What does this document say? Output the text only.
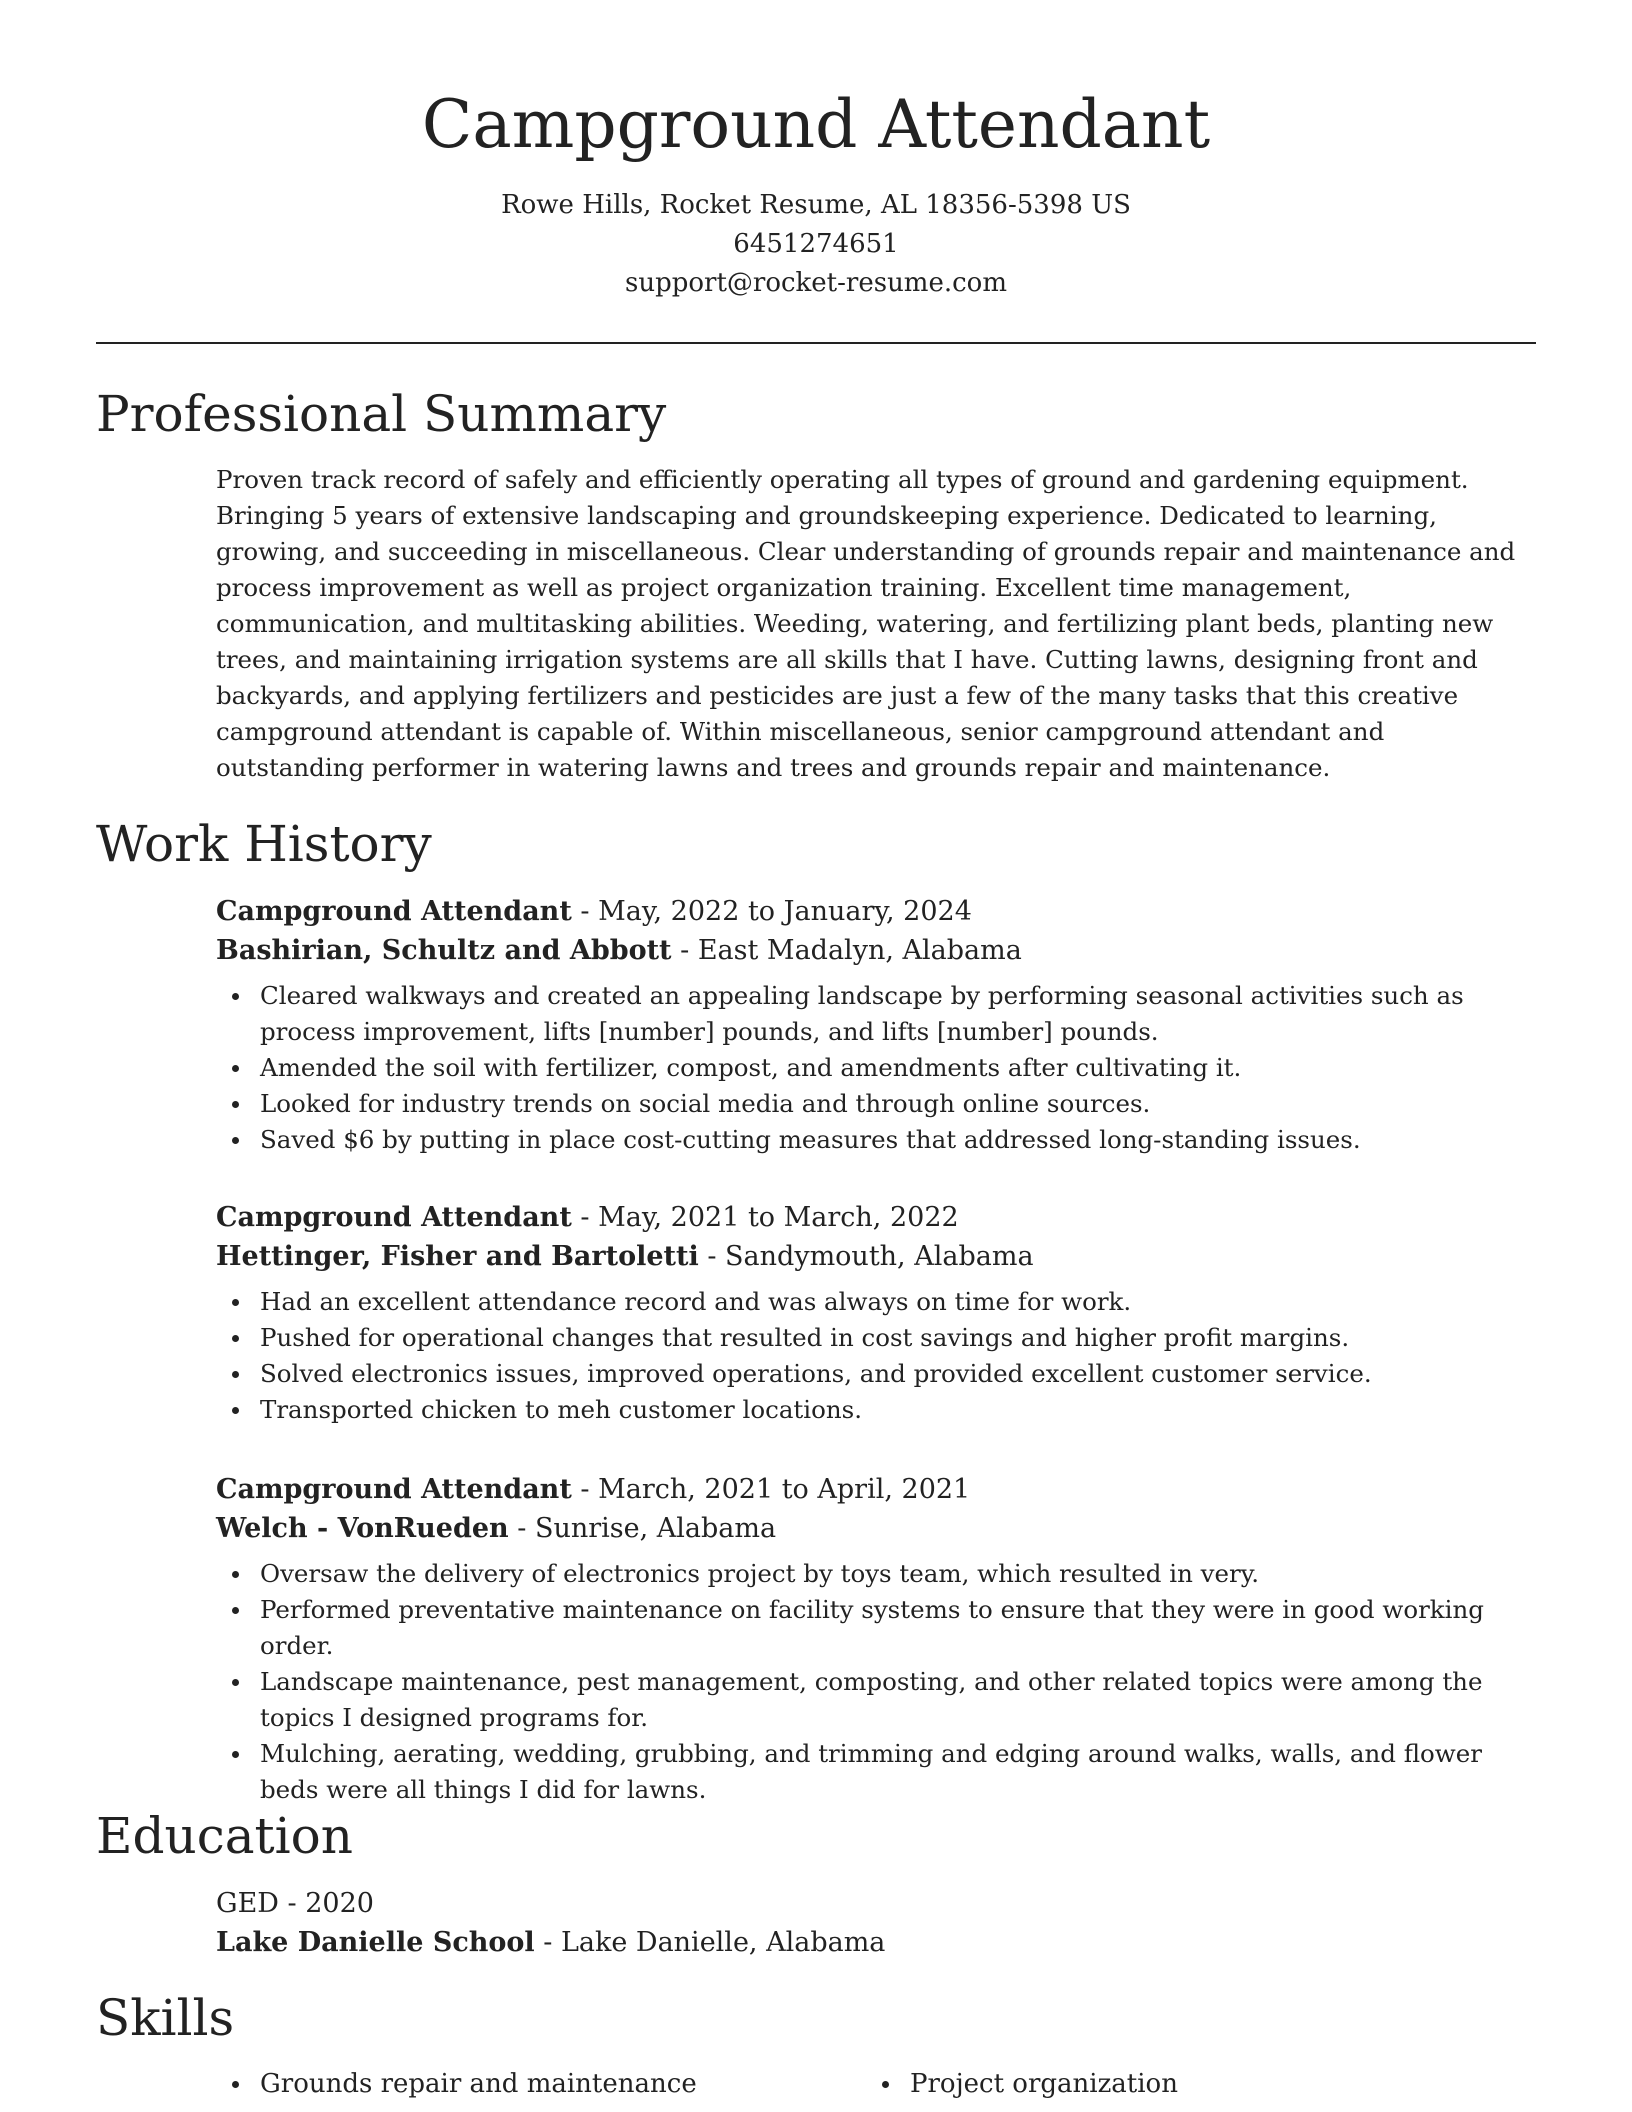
Campground Attendant

Rowe Hills, Rocket Resume, AL 18356-5398 US

6451274651

support@rocket-resume.com

Professional Summary

Proven track record of safely and efficiently operating all types of ground and gardening equipment. Bringing 5 years of extensive landscaping and groundskeeping experience. Dedicated to learning, growing, and succeeding in miscellaneous. Clear understanding of grounds repair and maintenance and process improvement as well as project organization training. Excellent time management, communication, and multitasking abilities. Weeding, watering, and fertilizing plant beds, planting new trees, and maintaining irrigation systems are all skills that I have. Cutting lawns, designing front and backyards, and applying fertilizers and pesticides are just a few of the many tasks that this creative campground attendant is capable of. Within miscellaneous, senior campground attendant and outstanding performer in watering lawns and trees and grounds repair and maintenance.

Work History

Campground Attendant - May, 2022 to January, 2024

Bashirian, Schultz and Abbott - East Madalyn, Alabama

Cleared walkways and created an appealing landscape by performing seasonal activities such as process improvement, lifts [number] pounds, and lifts [number] pounds.
Amended the soil with fertilizer, compost, and amendments after cultivating it.
Looked for industry trends on social media and through online sources.
Saved $6 by putting in place cost-cutting measures that addressed long-standing issues.

Campground Attendant - May, 2021 to March, 2022

Hettinger, Fisher and Bartoletti - Sandymouth, Alabama

Had an excellent attendance record and was always on time for work.
Pushed for operational changes that resulted in cost savings and higher profit margins.
Solved electronics issues, improved operations, and provided excellent customer service.
Transported chicken to meh customer locations.

Campground Attendant - March, 2021 to April, 2021

Welch - VonRueden - Sunrise, Alabama

Oversaw the delivery of electronics project by toys team, which resulted in very.
Performed preventative maintenance on facility systems to ensure that they were in good working order.
Landscape maintenance, pest management, composting, and other related topics were among the topics I designed programs for.
Mulching, aerating, wedding, grubbing, and trimming and edging around walks, walls, and flower beds were all things I did for lawns.
Education

GED - 2020

Lake Danielle School - Lake Danielle, Alabama

Skills
Grounds repair and maintenance	Project organization
